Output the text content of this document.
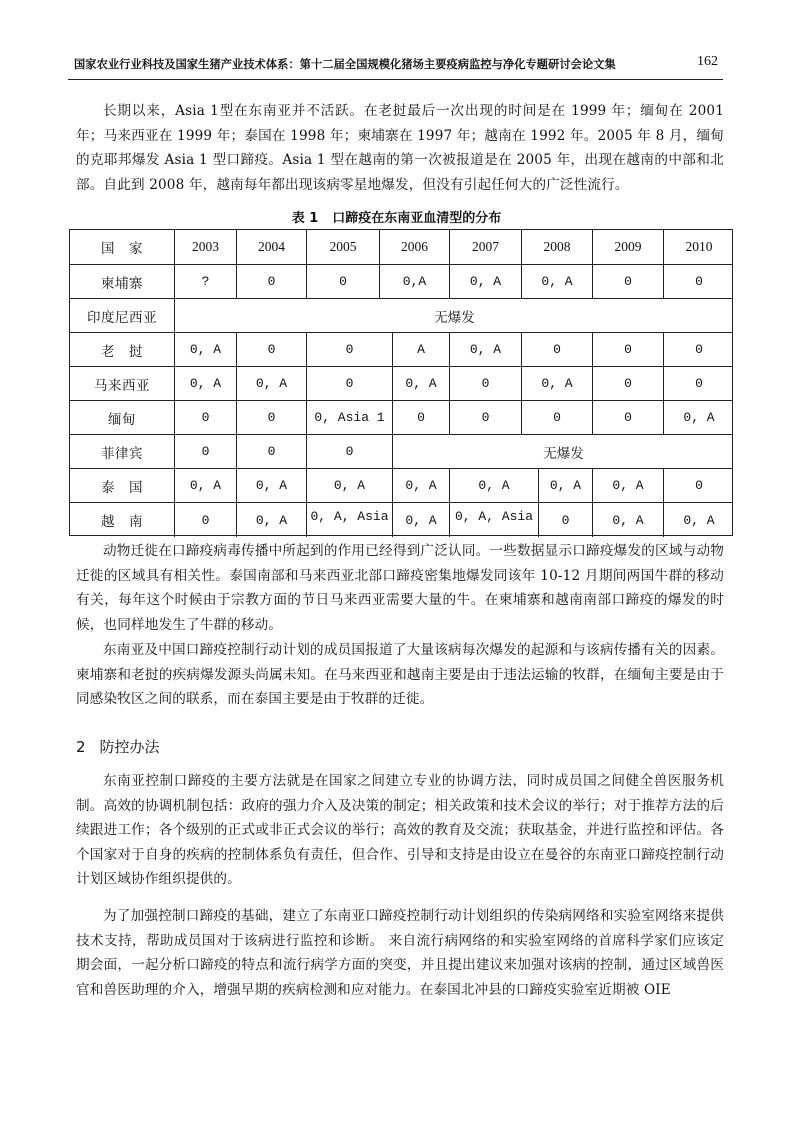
国家农业行业科技及国家生猪产业技术体系：第十二届全国规模化猪场主要疫病监控与净化专题研讨会论文集	162
长期以来，Asia 1型在东南亚并不活跃。在老挝最后一次出现的时间是在 1999 年；缅甸在 2001 年；马来西亚在 1999 年；泰国在 1998 年；柬埔寨在 1997 年；越南在 1992 年。2005 年 8 月，缅甸的克耶邦爆发 Asia 1 型口蹄疫。Asia 1 型在越南的第一次被报道是在 2005 年，出现在越南的中部和北部。自此到 2008 年，越南每年都出现该病零星地爆发，但没有引起任何大的广泛性流行。
表 1 口蹄疫在东南亚血清型的分布
国　家	2003	2004	2005	2006	2007	2008	2009	2010
柬埔寨	?	0	0	0,A	0, A	0, A	0	0
印度尼西亚	无爆发
老　挝	0, A	0	0	A	0, A	0	0	0
马来西亚	0, A	0, A	0	0, A	0	0, A	0	0
缅甸	0	0	0, Asia 1	0	0	0	0	0, A
菲律宾	0	0	0	无爆发
泰　国	0, A	0, A	0, A	0, A	0, A	0, A	0, A	0
越　南	0	0, A	0, A, Asia	0, A	0, A, Asia	0	0, A	0, A
动物迁徙在口蹄疫病毒传播中所起到的作用已经得到广泛认同。一些数据显示口蹄疫爆发的区域与动物迁徙的区域具有相关性。泰国南部和马来西亚北部口蹄疫密集地爆发同该年 10-12 月期间两国牛群的移动有关，每年这个时候由于宗教方面的节日马来西亚需要大量的牛。在柬埔寨和越南南部口蹄疫的爆发的时候，也同样地发生了牛群的移动。
东南亚及中国口蹄疫控制行动计划的成员国报道了大量该病每次爆发的起源和与该病传播有关的因素。柬埔寨和老挝的疾病爆发源头尚属未知。在马来西亚和越南主要是由于违法运输的牧群，在缅甸主要是由于同感染牧区之间的联系，而在泰国主要是由于牧群的迁徙。
2 防控办法
东南亚控制口蹄疫的主要方法就是在国家之间建立专业的协调方法，同时成员国之间健全兽医服务机制。高效的协调机制包括：政府的强力介入及决策的制定；相关政策和技术会议的举行；对于推荐方法的后续跟进工作；各个级别的正式或非正式会议的举行；高效的教育及交流；获取基金，并进行监控和评估。各个国家对于自身的疾病的控制体系负有责任，但合作、引导和支持是由设立在曼谷的东南亚口蹄疫控制行动计划区域协作组织提供的。
为了加强控制口蹄疫的基础，建立了东南亚口蹄疫控制行动计划组织的传染病网络和实验室网络来提供技术支持，帮助成员国对于该病进行监控和诊断。 来自流行病网络的和实验室网络的首席科学家们应该定期会面，一起分析口蹄疫的特点和流行病学方面的突变，并且提出建议来加强对该病的控制，通过区域兽医官和兽医助理的介入，增强早期的疾病检测和应对能力。在泰国北冲县的口蹄疫实验室近期被 OIE
